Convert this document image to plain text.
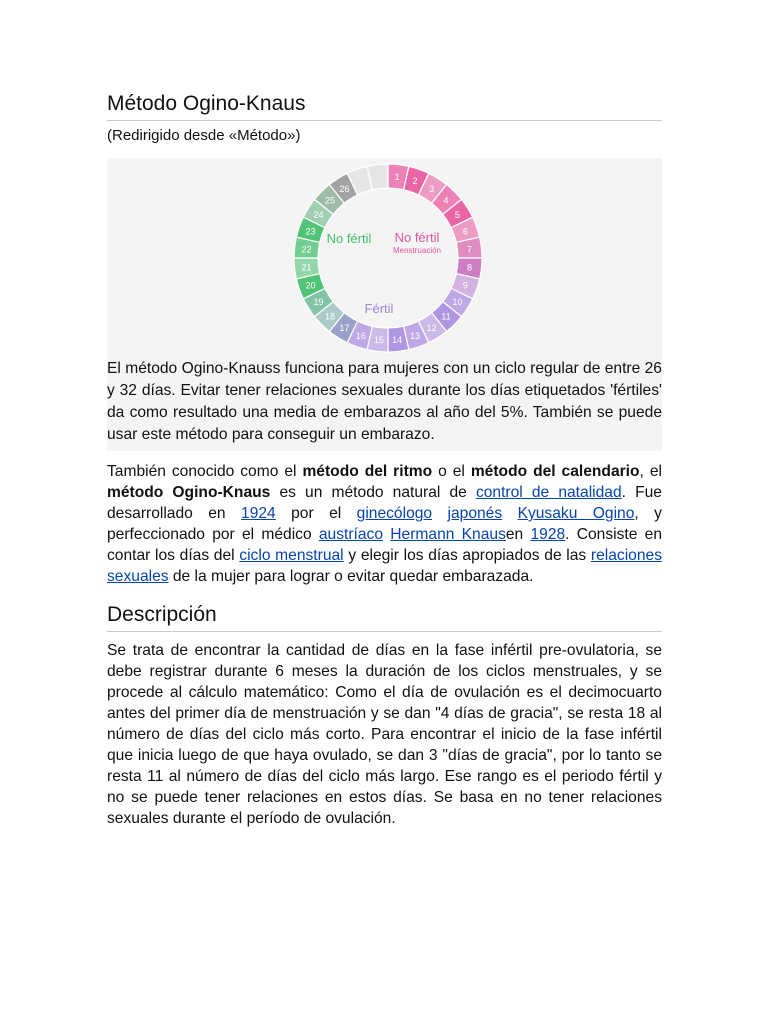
Método Ogino-Knaus
(Redirigido desde «Método»)
1 2
3
4
5
6
7
8
9
10
11
12
13
14
15
16
17
18
19
20
21
22
23
24
25
26
No fértil No fértil
Menstruación
Fértil
El método Ogino-Knauss funciona para mujeres con un ciclo regular de entre 26 y 32 días. Evitar tener relaciones sexuales durante los días etiquetados 'fértiles' da como resultado una media de embarazos al año del 5%. También se puede usar este método para conseguir un embarazo.

También conocido como el método del ritmo o el método del calendario, el método Ogino-Knaus es un método natural de control de natalidad. Fue desarrollado en 1924 por el ginecólogo japonés Kyusaku Ogino, y perfeccionado por el médico austríaco Hermann Knausen 1928. Consiste en contar los días del ciclo menstrual y elegir los días apropiados de las relaciones sexuales de la mujer para lograr o evitar quedar embarazada.

Descripción

Se trata de encontrar la cantidad de días en la fase infértil pre-ovulatoria, se debe registrar durante 6 meses la duración de los ciclos menstruales, y se procede al cálculo matemático: Como el día de ovulación es el decimocuarto antes del primer día de menstruación y se dan "4 días de gracia", se resta 18 al número de días del ciclo más corto. Para encontrar el inicio de la fase infértil que inicia luego de que haya ovulado, se dan 3 "días de gracia", por lo tanto se resta 11 al número de días del ciclo más largo. Ese rango es el periodo fértil y no se puede tener relaciones en estos días. Se basa en no tener relaciones sexuales durante el período de ovulación.
